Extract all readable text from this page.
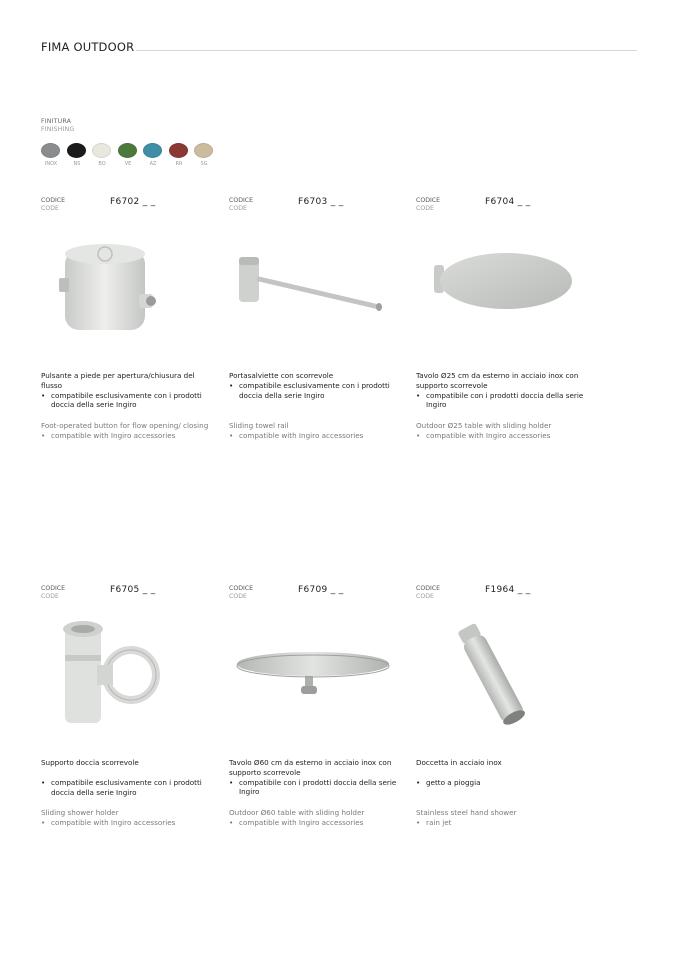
FIMA OUTDOOR
FINITURA
FINISHING
INOX	NS	BO	VE	AZ	RR	SG
CODICE
CODE
F6702 _ _
Pulsante a piede per apertura/chiusura del flusso
• compatibile esclusivamente con i prodotti doccia della serie Ingiro
Foot-operated button for flow opening/ closing
• compatible with Ingiro accessories
CODICE
CODE
F6703 _ _
Portasalviette con scorrevole
• compatibile esclusivamente con i prodotti doccia della serie Ingiro
Sliding towel rail
• compatible with Ingiro accessories
CODICE
CODE
F6704 _ _
Tavolo Ø25 cm da esterno in acciaio inox con supporto scorrevole
• compatibile con i prodotti doccia della serie Ingiro
Outdoor Ø25 table with sliding holder
• compatible with Ingiro accessories
CODICE
CODE
F6705 _ _
Supporto doccia scorrevole
• compatibile esclusivamente con i prodotti doccia della serie Ingiro
Sliding shower holder
• compatible with Ingiro accessories
CODICE
CODE
F6709 _ _
Tavolo Ø60 cm da esterno in acciaio inox con supporto scorrevole
• compatibile con i prodotti doccia della serie Ingiro
Outdoor Ø60 table with sliding holder
• compatible with Ingiro accessories
CODICE
CODE
F1964 _ _
Doccetta in acciaio inox
• getto a pioggia
Stainless steel hand shower
• rain jet
